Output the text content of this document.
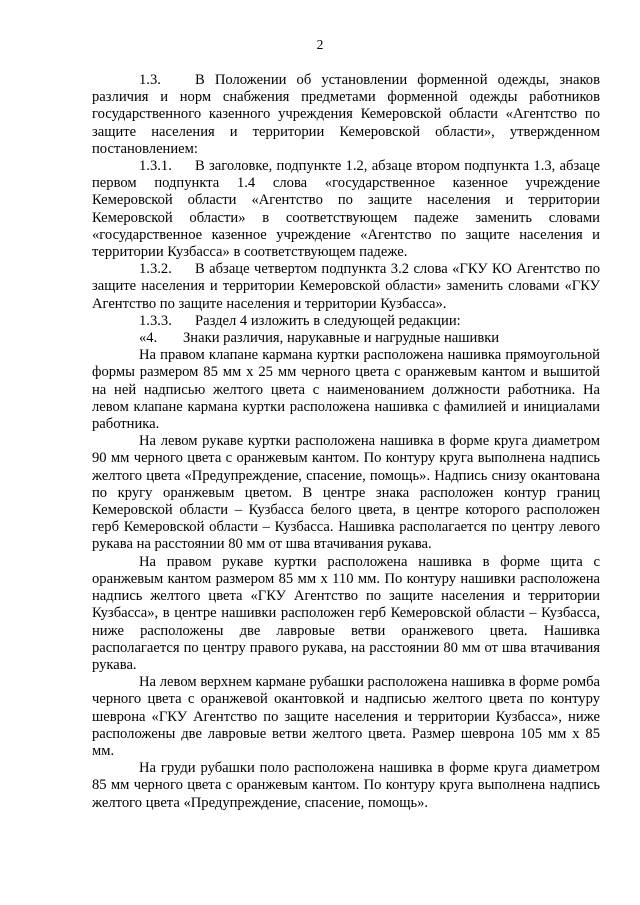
2

1.3. В Положении об установлении форменной одежды, знаков различия и норм снабжения предметами форменной одежды работников государственного казенного учреждения Кемеровской области «Агентство по защите населения и территории Кемеровской области», утвержденном постановлением:

1.3.1. В заголовке, подпункте 1.2, абзаце втором подпункта 1.3, абзаце первом подпункта 1.4 слова «государственное казенное учреждение Кемеровской области «Агентство по защите населения и территории Кемеровской области» в соответствующем падеже заменить словами «государственное казенное учреждение «Агентство по защите населения и территории Кузбасса» в соответствующем падеже.

1.3.2. В абзаце четвертом подпункта 3.2 слова «ГКУ КО Агентство по защите населения и территории Кемеровской области» заменить словами «ГКУ Агентство по защите населения и территории Кузбасса».

1.3.3. Раздел 4 изложить в следующей редакции:

«4. Знаки различия, нарукавные и нагрудные нашивки

На правом клапане кармана куртки расположена нашивка прямоугольной формы размером 85 мм x 25 мм черного цвета с оранжевым кантом и вышитой на ней надписью желтого цвета с наименованием должности работника. На левом клапане кармана куртки расположена нашивка с фамилией и инициалами работника.

На левом рукаве куртки расположена нашивка в форме круга диаметром 90 мм черного цвета с оранжевым кантом. По контуру круга выполнена надпись желтого цвета «Предупреждение, спасение, помощь». Надпись снизу окантована по кругу оранжевым цветом. В центре знака расположен контур границ Кемеровской области – Кузбасса белого цвета, в центре которого расположен герб Кемеровской области – Кузбасса. Нашивка располагается по центру левого рукава на расстоянии 80 мм от шва втачивания рукава.

На правом рукаве куртки расположена нашивка в форме щита с оранжевым кантом размером 85 мм x 110 мм. По контуру нашивки расположена надпись желтого цвета «ГКУ Агентство по защите населения и территории Кузбасса», в центре нашивки расположен герб Кемеровской области – Кузбасса, ниже расположены две лавровые ветви оранжевого цвета. Нашивка располагается по центру правого рукава, на расстоянии 80 мм от шва втачивания рукава.

На левом верхнем кармане рубашки расположена нашивка в форме ромба черного цвета с оранжевой окантовкой и надписью желтого цвета по контуру шеврона «ГКУ Агентство по защите населения и территории Кузбасса», ниже расположены две лавровые ветви желтого цвета. Размер шеврона 105 мм x 85 мм.

На груди рубашки поло расположена нашивка в форме круга диаметром 85 мм черного цвета с оранжевым кантом. По контуру круга выполнена надпись желтого цвета «Предупреждение, спасение, помощь».
